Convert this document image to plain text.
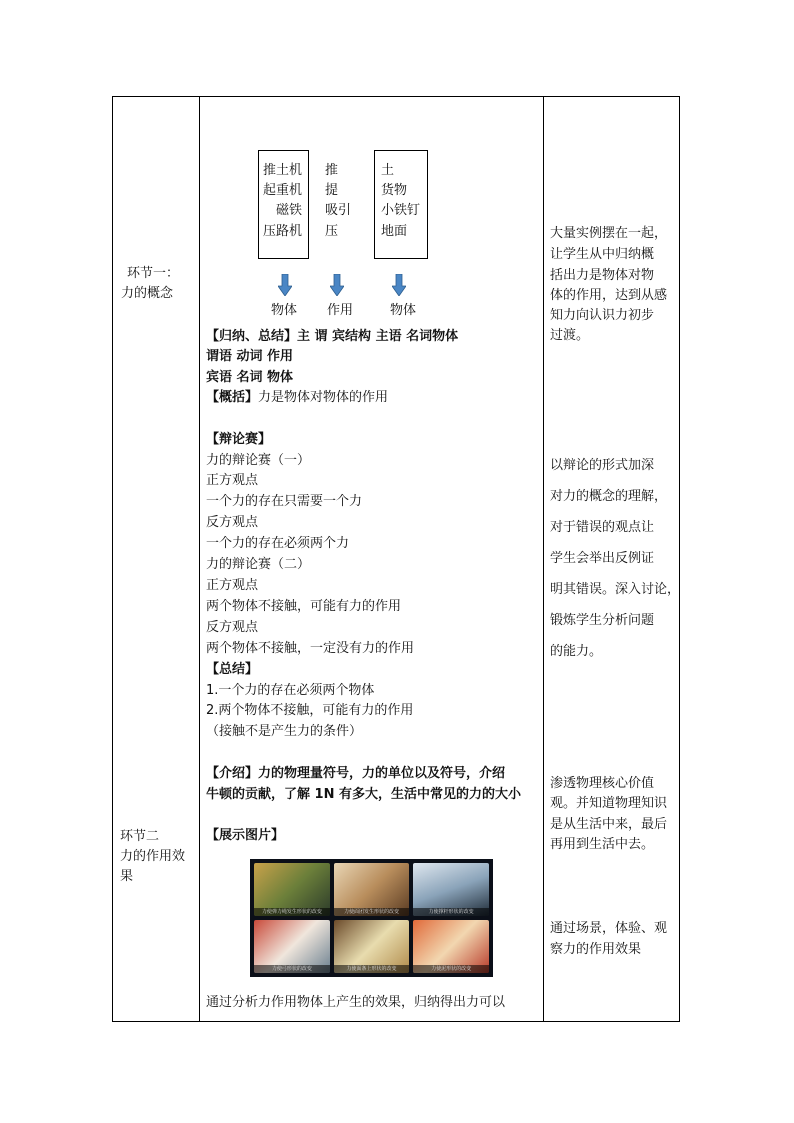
环节一：
力的概念
环节二
力的作用效
果
推土机
起重机
磁铁
压路机
推
提
吸引
压
土
货物
小铁钉
地面
物体 作用	物体
【归纳、总结】主 谓 宾结构 主语 名词物体
谓语 动词 作用
宾语 名词 物体
【概括】力是物体对物体的作用
【辩论赛】
力的辩论赛（一）
正方观点
一个力的存在只需要一个力
反方观点
一个力的存在必须两个力
力的辩论赛（二）
正方观点
两个物体不接触，可能有力的作用
反方观点
两个物体不接触，一定没有力的作用
【总结】
1.一个力的存在必须两个物体
2.两个物体不接触，可能有力的作用
（接触不是产生力的条件）
【介绍】力的物理量符号，力的单位以及符号，介绍
牛顿的贡献，了解 1N 有多大，生活中常见的力的大小
【展示图片】
力使弹力绳发生形状的改变	力使面团发生形状的改变	力使撑杆形状的改变
力使弓形状的改变	力使面条上形状的改变	力使泥形状的改变
通过分析力作用物体上产生的效果，归纳得出力可以
大量实例摆在一起，
让学生从中归纳概
括出力是物体对物
体的作用，达到从感
知力向认识力初步
过渡。
以辩论的形式加深
对力的概念的理解，
对于错误的观点让
学生会举出反例证
明其错误。深入讨论，
锻炼学生分析问题
的能力。
渗透物理核心价值
观。并知道物理知识
是从生活中来，最后
再用到生活中去。
通过场景，体验、观
察力的作用效果
